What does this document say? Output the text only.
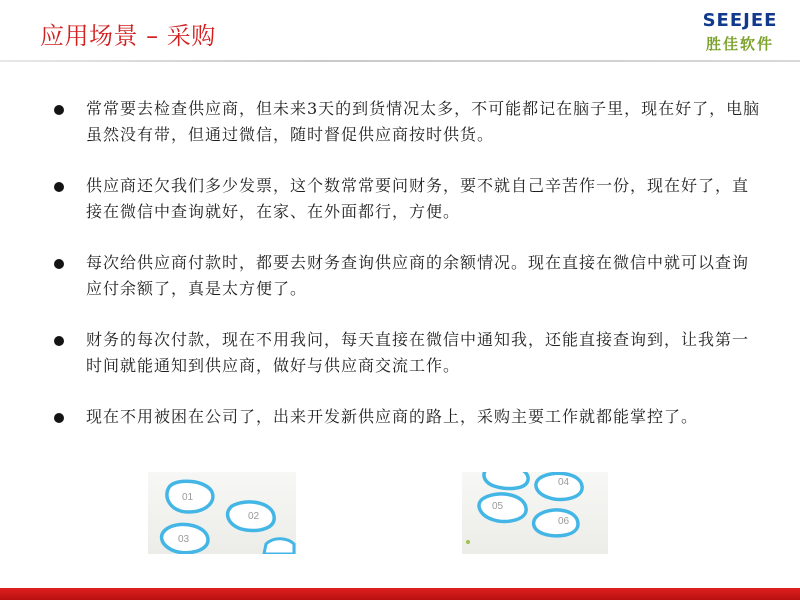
应用场景 – 采购
SEEJEE
胜佳软件
常常要去检查供应商，但未来3天的到货情况太多，不可能都记在脑子里，现在好了，电脑虽然没有带，但通过微信，随时督促供应商按时供货。
供应商还欠我们多少发票，这个数常常要问财务，要不就自己辛苦作一份，现在好了，直接在微信中查询就好，在家、在外面都行，方便。
每次给供应商付款时，都要去财务查询供应商的余额情况。现在直接在微信中就可以查询应付余额了，真是太方便了。
财务的每次付款，现在不用我问，每天直接在微信中通知我，还能直接查询到，让我第一时间就能通知到供应商，做好与供应商交流工作。
现在不用被困在公司了，出来开发新供应商的路上，采购主要工作就都能掌控了。
01
02
03
04
05
06
